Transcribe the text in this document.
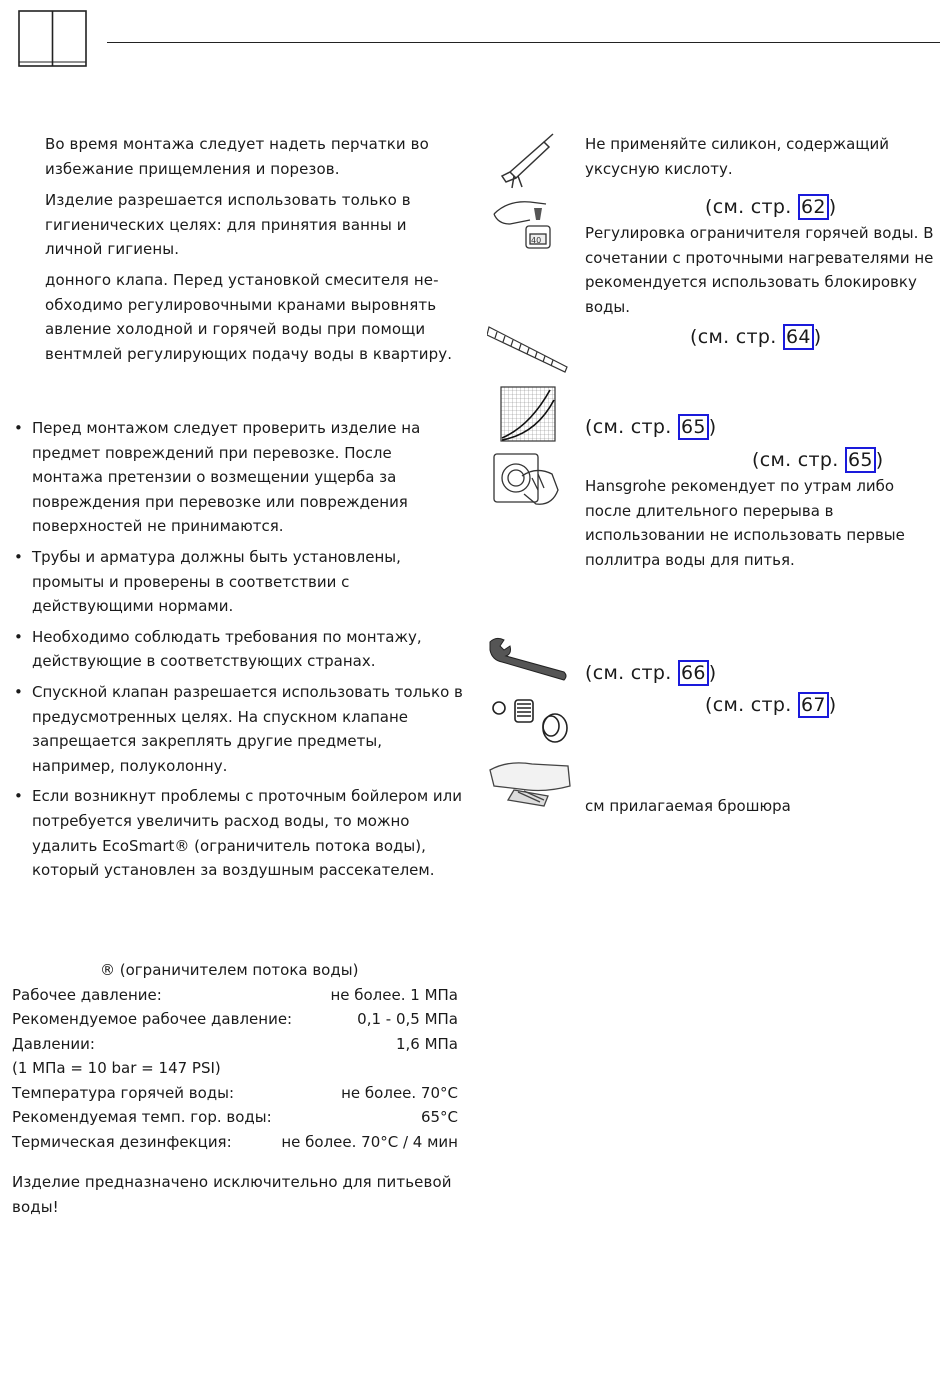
Во время монтажа следует надеть перчатки во избежание прищемления и порезов.
Изделие разрешается использовать только в гигиенических целях: для принятия ванны и личной гигиены.
донного клапа. Перед установкой смесителя не-обходимо регулировочными кранами выровнять авление холодной и горячей воды при помощи вентмлей регулирующих подачу воды в квартиру.
• Перед монтажом следует проверить изделие на предмет повреждений при перевозке. После монтажа претензии о возмещении ущерба за повреждения при перевозке или повреждения поверхностей не принимаются.
• Трубы и арматура должны быть установлены, промыты и проверены в соответствии с действующими нормами.
• Необходимо соблюдать требования по монтажу, действующие в соответствующих странах.
• Спускной клапан разрешается использовать только в предусмотренных целях. На спускном клапане запрещается закреплять другие предметы, например, полуколонну.
• Если возникнут проблемы с проточным бойлером или потребуется увеличить расход воды, то можно удалить EcoSmart® (ограничитель потока воды), который установлен за воздушным рассекателем.
® (ограничителем потока воды)
Рабочее давление:	не более. 1 МПа
Рекомендуемое рабочее давление:	0,1 - 0,5 МПа
Давлении:	1,6 МПа
(1 МПа = 10 bar = 147 PSI)
Температура горячей воды:	не более. 70°C
Рекомендуемая темп. гор. воды:	65°C
Термическая дезинфекция:	не более. 70°C / 4 мин
Изделие предназначено исключительно для питьевой воды!
40
Не применяйте силикон, содержащий уксусную кислоту.
(см. стр. 62 )
Регулировка ограничителя горячей воды. В сочетании с проточными нагревателями не рекомендуется использовать блокировку воды.
(см. стр. 64 )
(см. стр. 65 )
(см. стр. 65 )
Hansgrohe рекомендует по утрам либо после длительного перерыва в использовании не использовать первые поллитра воды для питья.
(см. стр. 66 )
(см. стр. 67 )
см прилагаемая брошюра
